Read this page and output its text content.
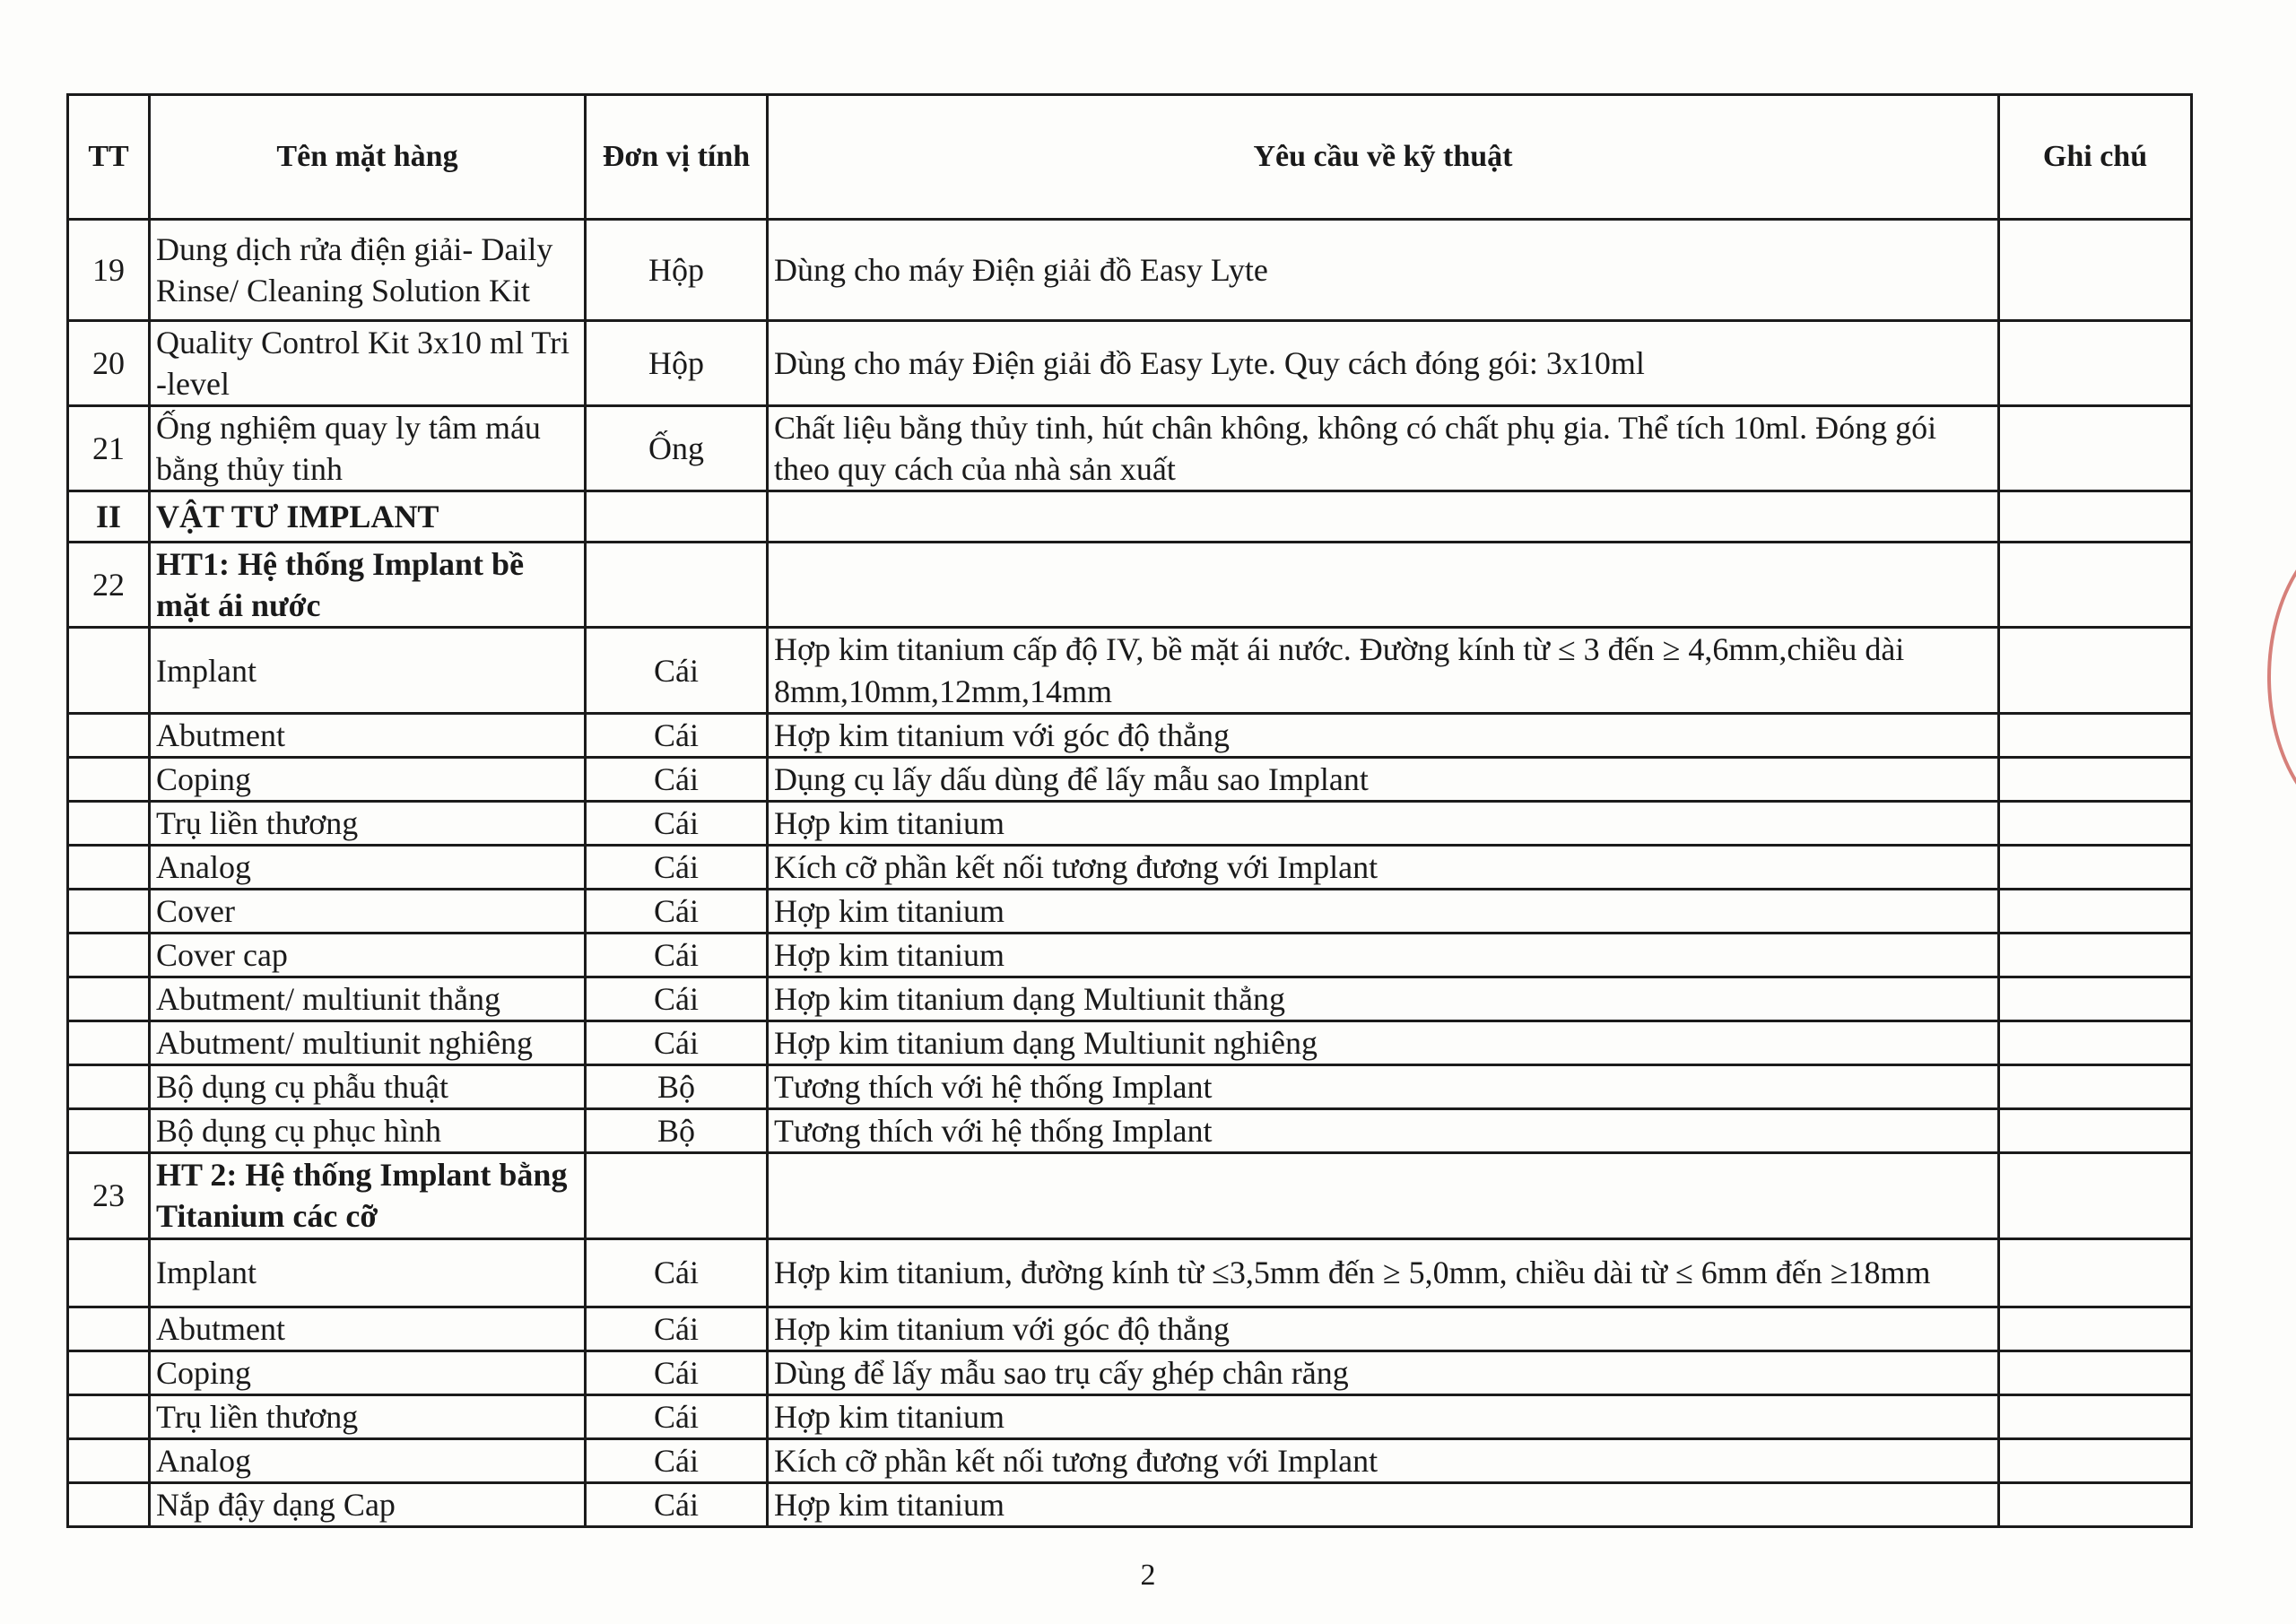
TT	Tên mặt hàng	Đơn vị tính	Yêu cầu về kỹ thuật	Ghi chú
19	Dung dịch rửa điện giải- Daily Rinse/ Cleaning Solution Kit	Hộp	Dùng cho máy Điện giải đồ Easy Lyte	
20	Quality Control Kit 3x10 ml Tri -level	Hộp	Dùng cho máy Điện giải đồ Easy Lyte. Quy cách đóng gói: 3x10ml	
21	Ống nghiệm quay ly tâm máu bằng thủy tinh	Ống	Chất liệu bằng thủy tinh, hút chân không, không có chất phụ gia. Thể tích 10ml. Đóng gói theo quy cách của nhà sản xuất	
II	VẬT TƯ IMPLANT			
22	HT1: Hệ thống Implant bề mặt ái nước			
	Implant	Cái	Hợp kim titanium cấp độ IV, bề mặt ái nước. Đường kính từ ≤ 3 đến ≥ 4,6mm,chiều dài 8mm,10mm,12mm,14mm	
	Abutment	Cái	Hợp kim titanium với góc độ thẳng	
	Coping	Cái	Dụng cụ lấy dấu dùng để lấy mẫu sao Implant	
	Trụ liền thương	Cái	Hợp kim titanium	
	Analog	Cái	Kích cỡ phần kết nối tương đương với Implant	
	Cover	Cái	Hợp kim titanium	
	Cover cap	Cái	Hợp kim titanium	
	Abutment/ multiunit thẳng	Cái	Hợp kim titanium dạng Multiunit thẳng	
	Abutment/ multiunit nghiêng	Cái	Hợp kim titanium dạng Multiunit nghiêng	
	Bộ dụng cụ phẫu thuật	Bộ	Tương thích với hệ thống Implant	
	Bộ dụng cụ phục hình	Bộ	Tương thích với hệ thống Implant	
23	HT 2: Hệ thống Implant bằng Titanium các cỡ			
	Implant	Cái	Hợp kim titanium, đường kính từ ≤3,5mm đến ≥ 5,0mm, chiều dài từ ≤ 6mm đến ≥18mm	
	Abutment	Cái	Hợp kim titanium với góc độ thẳng	
	Coping	Cái	Dùng để lấy mẫu sao trụ cấy ghép chân răng	
	Trụ liền thương	Cái	Hợp kim titanium	
	Analog	Cái	Kích cỡ phần kết nối tương đương với Implant	
	Nắp đậy dạng Cap	Cái	Hợp kim titanium	
2
